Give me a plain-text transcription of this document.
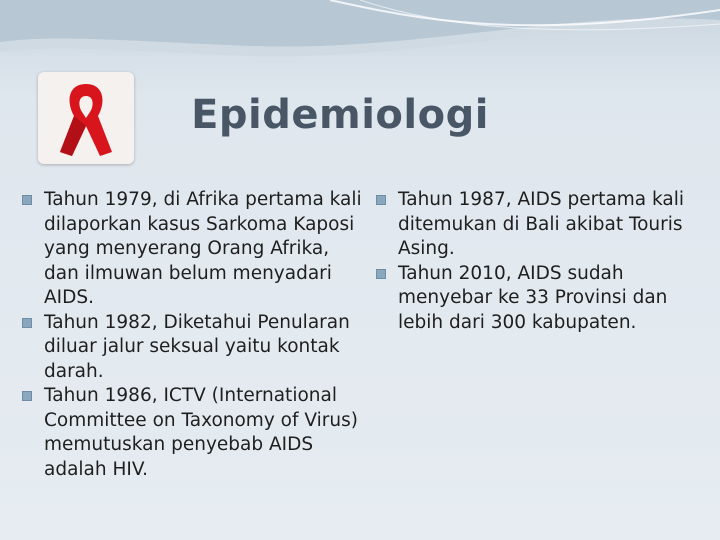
Epidemiologi
Tahun 1979, di Afrika pertama kali dilaporkan kasus Sarkoma Kaposi yang menyerang Orang Afrika, dan ilmuwan belum menyadari AIDS.
Tahun 1982, Diketahui Penularan diluar jalur seksual yaitu kontak darah.
Tahun 1986, ICTV (International Committee on Taxonomy of Virus) memutuskan penyebab AIDS adalah HIV.
Tahun 1987, AIDS pertama kali ditemukan di Bali akibat Touris Asing.
Tahun 2010, AIDS sudah menyebar ke 33 Provinsi dan lebih dari 300 kabupaten.
